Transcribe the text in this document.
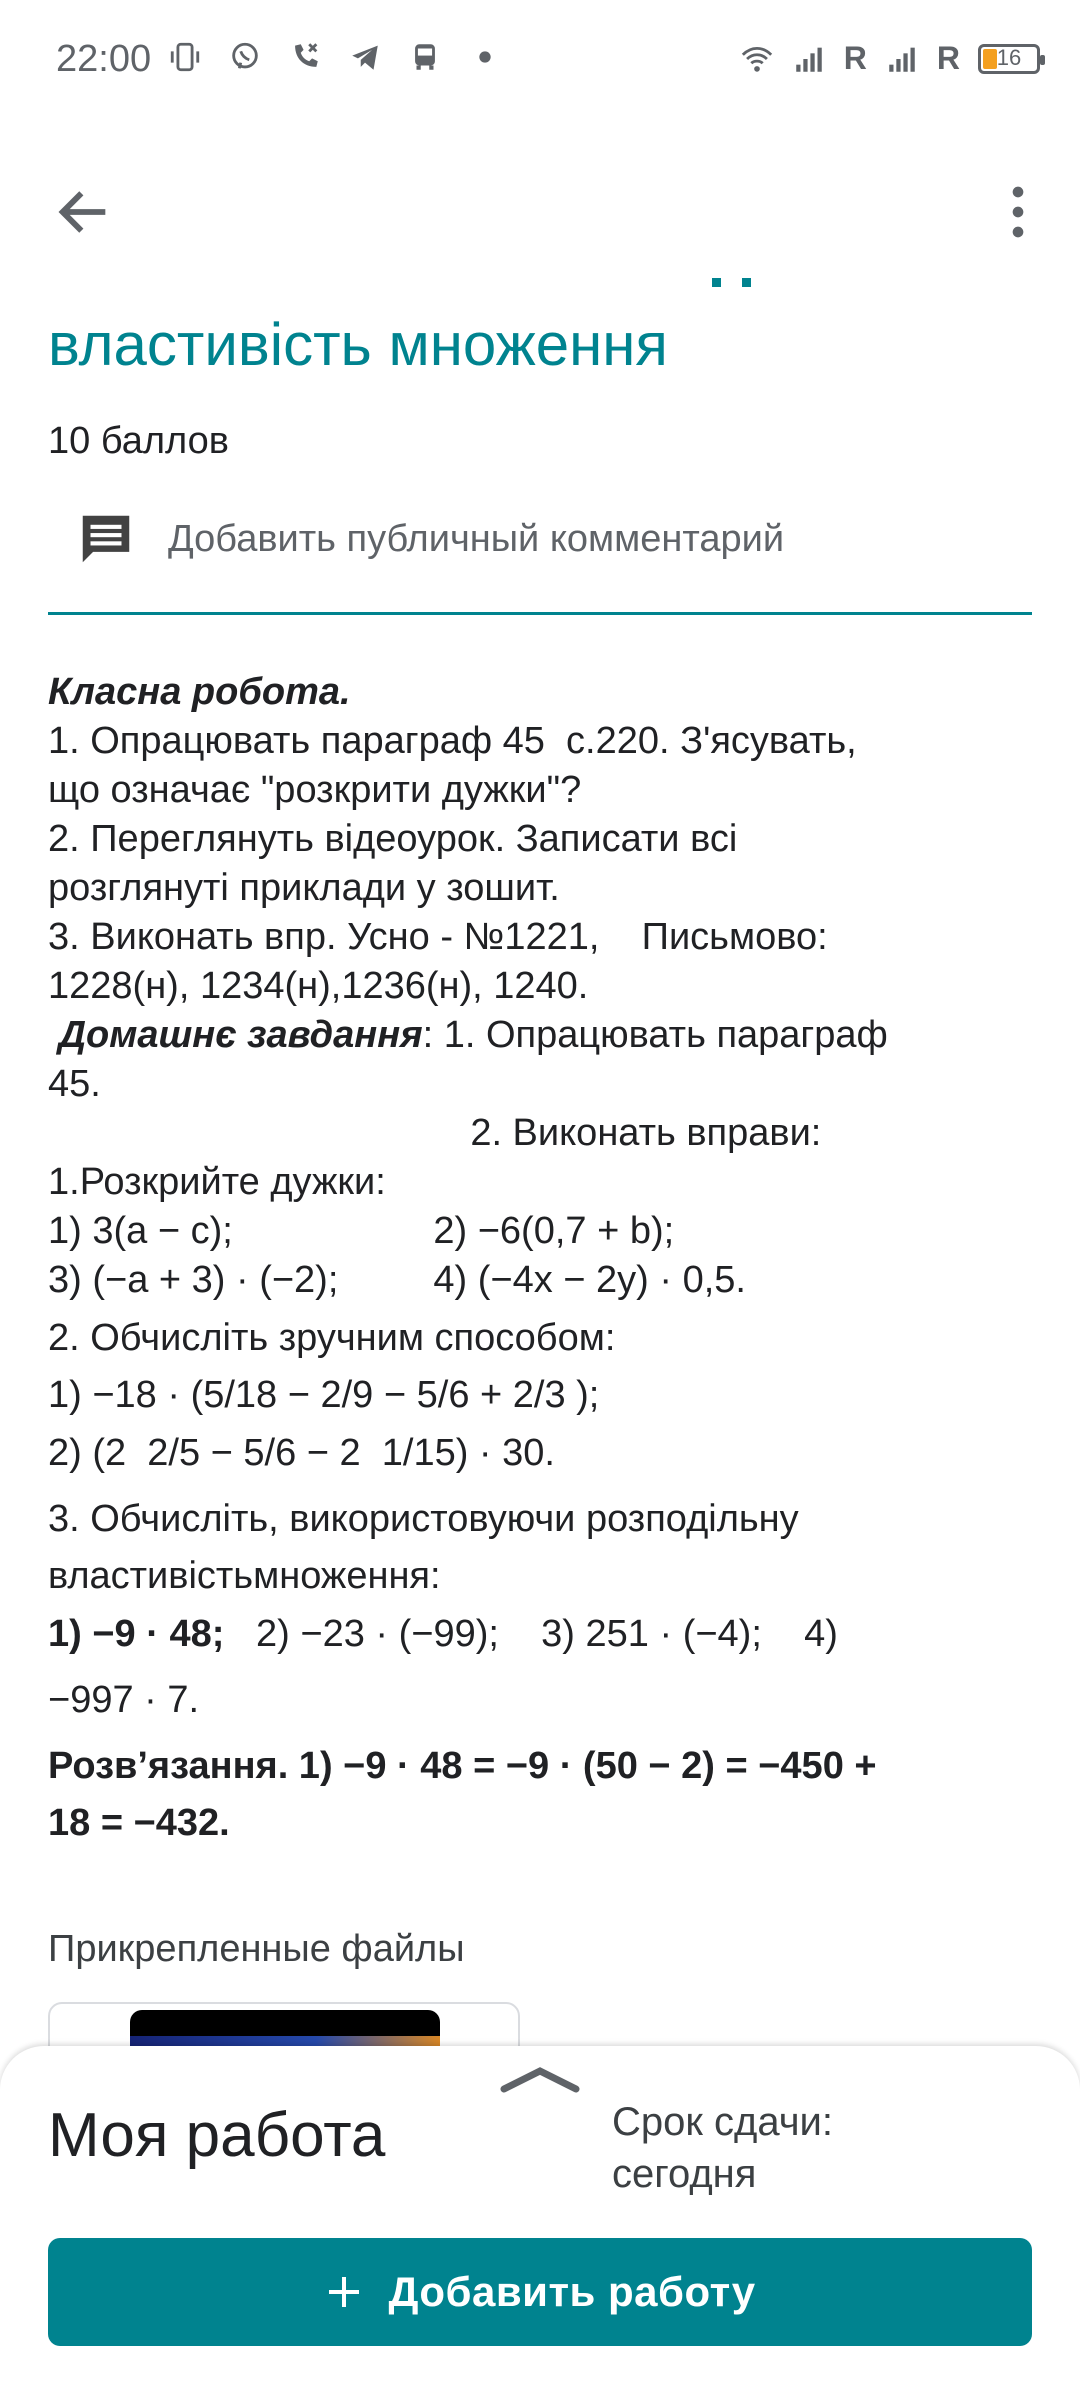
22:00	R R	16
властивість множення
10 баллов
Добавить публичный комментарий

Класна робота.

1. Опрацювать параграф 45  с.220. З'ясувать,

що означає "розкрити дужки"?

2. Переглянуть відеоурок. Записати всі

розглянуті приклади у зошит.

3. Виконать впр. Усно - №1221,    Письмово:

1228(н), 1234(н),1236(н), 1240.

Домашнє завдання: 1. Опрацювать параграф

45.

2. Виконать вправи:

1.Розкрийте дужки:

1) 3(a − c);                   2) −6(0,7 + b);

3) (−a + 3) · (−2);         4) (−4x − 2y) · 0,5.

2. Обчисліть зручним способом:

1) −18 · (5/18 − 2/9 − 5/6 + 2/3 );

2) (2  2/5 − 5/6 − 2  1/15) · 30.

3. Обчисліть, використовуючи розподільну

властивістьмноження:

1) −9 · 48;   2) −23 · (−99);    3) 251 · (−4);    4)

−997 · 7.

Розв’язання. 1) −9 · 48 = −9 · (50 − 2) = −450 +

18 = −432.

Прикрепленные файлы
Моя работа	Срок сдачи:
сегодня
Добавить работу
